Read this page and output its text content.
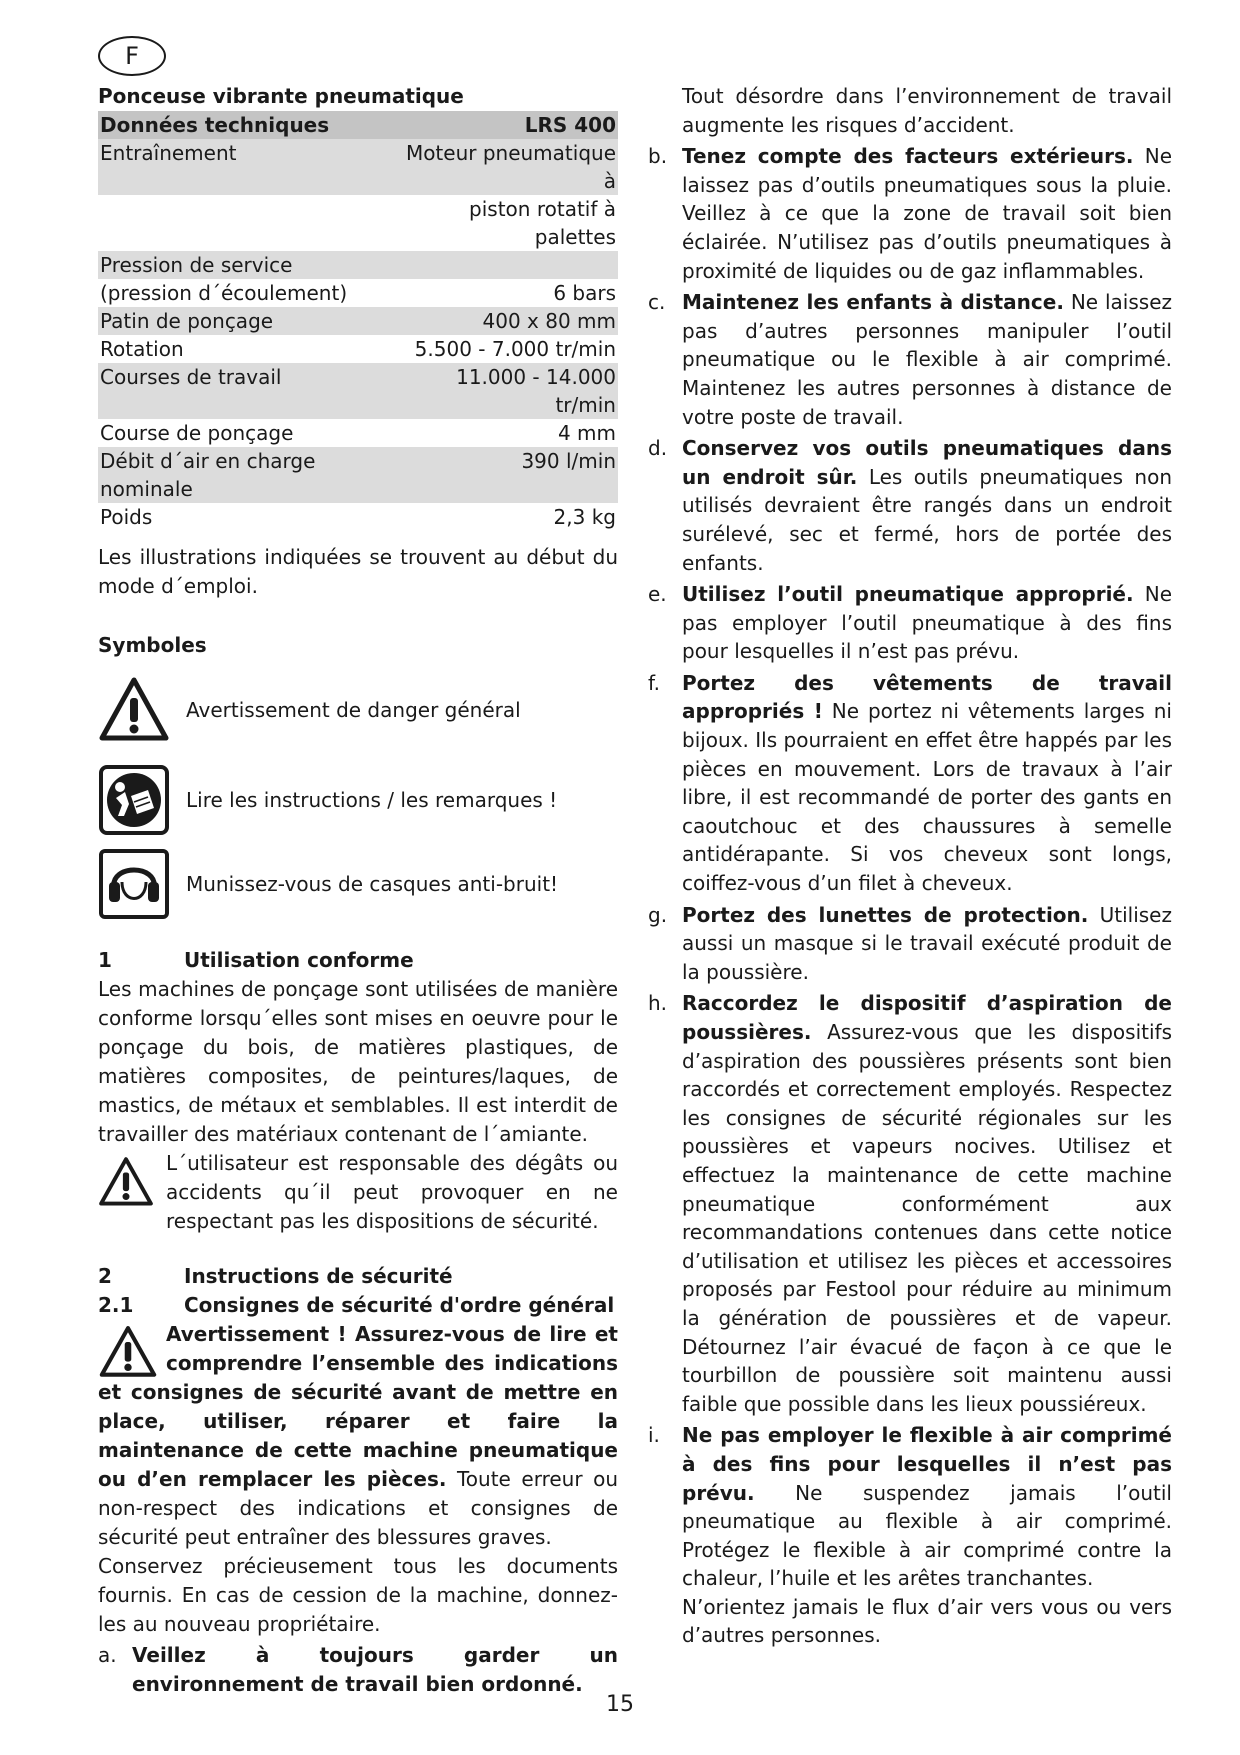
F
Ponceuse vibrante pneumatique
Données techniques	LRS 400
Entraînement	Moteur pneumatique à
	piston rotatif à palettes
Pression de service	
(pression d´écoulement)	6 bars
Patin de ponçage	400 x 80 mm
Rotation	5.500 - 7.000 tr/min
Courses de travail	11.000 - 14.000 tr/min
Course de ponçage	4 mm
Débit d´air en charge nominale	390 l/min
Poids	2,3 kg
Les illustrations indiquées se trouvent au début du mode d´emploi.
Symboles
Avertissement de danger général
Lire les instructions / les remarques !
Munissez-vous de casques anti-bruit!
1	Utilisation conforme
Les machines de ponçage sont utilisées de manière conforme lorsqu´elles sont mises en oeuvre pour le ponçage du bois, de matières plastiques, de matières composites, de peintures/laques, de mastics, de métaux et semblables. Il est interdit de travailler des matériaux contenant de l´amiante.
L´utilisateur est responsable des dégâts ou accidents qu´il peut provoquer en ne respectant pas les dispositions de sécurité.
2	Instructions de sécurité
2.1	Consignes de sécurité d'ordre général
Avertissement ! Assurez-vous de lire et comprendre l’ensemble des indications et consignes de sécurité avant de mettre en place, utiliser, réparer et faire la maintenance de cette machine pneumatique ou d’en remplacer les pièces. Toute erreur ou non-respect des indications et consignes de sécurité peut entraîner des blessures graves.
Conservez précieusement tous les documents fournis. En cas de cession de la machine, donnez-les au nouveau propriétaire.
a. Veillez à toujours garder un environnement de travail bien ordonné.
Tout désordre dans l’environnement de travail augmente les risques d’accident.
b. Tenez compte des facteurs extérieurs. Ne laissez pas d’outils pneumatiques sous la pluie. Veillez à ce que la zone de travail soit bien éclairée. N’utilisez pas d’outils pneumatiques à proximité de liquides ou de gaz inflammables.
c. Maintenez les enfants à distance. Ne laissez pas d’autres personnes manipuler l’outil pneumatique ou le flexible à air comprimé. Maintenez les autres personnes à distance de votre poste de travail.
d. Conservez vos outils pneumatiques dans un endroit sûr. Les outils pneumatiques non utilisés devraient être rangés dans un endroit surélevé, sec et fermé, hors de portée des enfants.
e. Utilisez l’outil pneumatique approprié. Ne pas employer l’outil pneumatique à des fins pour lesquelles il n’est pas prévu.
f.	Portez des vêtements de travail appropriés ! Ne portez ni vêtements larges ni bijoux. Ils pourraient en effet être happés par les pièces en mouvement. Lors de travaux à l’air libre, il est recommandé de porter des gants en caoutchouc et des chaussures à semelle antidérapante. Si vos cheveux sont longs, coiffez-vous d’un filet à cheveux.
g. Portez des lunettes de protection. Utilisez aussi un masque si le travail exécuté produit de la poussière.
h. Raccordez le dispositif d’aspiration de poussières. Assurez-vous que les dispositifs d’aspiration des poussières présents sont bien raccordés et correctement employés. Respectez les consignes de sécurité régionales sur les poussières et vapeurs nocives. Utilisez et effectuez la maintenance de cette machine pneumatique conformément aux recommandations contenues dans cette notice d’utilisation et utilisez les pièces et accessoires proposés par Festool pour réduire au minimum la génération de poussières et de vapeur. Détournez l’air évacué de façon à ce que le tourbillon de poussière soit maintenu aussi faible que possible dans les lieux poussiéreux.
i.	Ne pas employer le flexible à air comprimé à des fins pour lesquelles il n’est pas prévu. Ne suspendez jamais l’outil pneumatique au flexible à air comprimé. Protégez le flexible à air comprimé contre la chaleur, l’huile et les arêtes tranchantes.
N’orientez jamais le flux d’air vers vous ou vers d’autres personnes.
15
